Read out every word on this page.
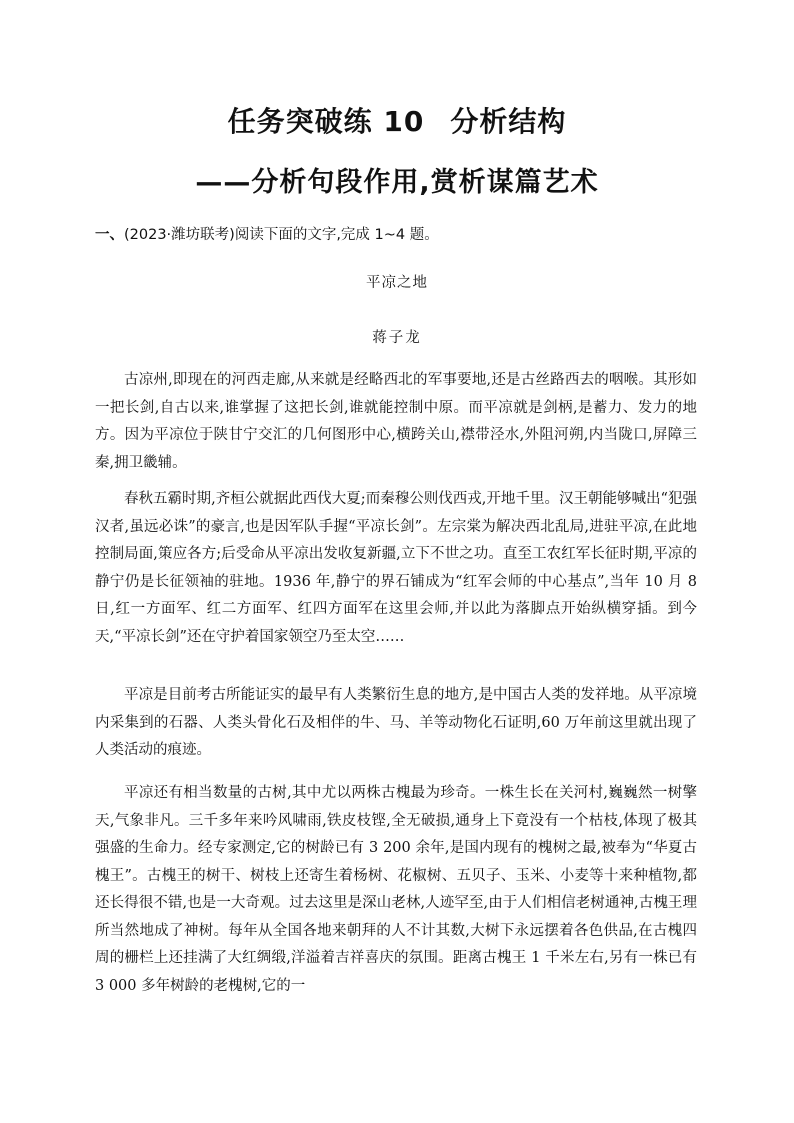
任务突破练 10 分析结构
——分析句段作用,赏析谋篇艺术
一、(2023·潍坊联考)阅读下面的文字,完成 1~4 题。
平凉之地
蒋子龙

古凉州,即现在的河西走廊,从来就是经略西北的军事要地,还是古丝路西去的咽喉。其形如一把长剑,自古以来,谁掌握了这把长剑,谁就能控制中原。而平凉就是剑柄,是蓄力、发力的地方。因为平凉位于陕甘宁交汇的几何图形中心,横跨关山,襟带泾水,外阻河朔,内当陇口,屏障三秦,拥卫畿辅。

春秋五霸时期,齐桓公就据此西伐大夏;而秦穆公则伐西戎,开地千里。汉王朝能够喊出“犯强汉者,虽远必诛”的豪言,也是因军队手握“平凉长剑”。左宗棠为解决西北乱局,进驻平凉,在此地控制局面,策应各方;后受命从平凉出发收复新疆,立下不世之功。直至工农红军长征时期,平凉的静宁仍是长征领袖的驻地。1936 年,静宁的界石铺成为“红军会师的中心基点”,当年 10 月 8 日,红一方面军、红二方面军、红四方面军在这里会师,并以此为落脚点开始纵横穿插。到今天,“平凉长剑”还在守护着国家领空乃至太空……

平凉是目前考古所能证实的最早有人类繁衍生息的地方,是中国古人类的发祥地。从平凉境内采集到的石器、人类头骨化石及相伴的牛、马、羊等动物化石证明,60 万年前这里就出现了人类活动的痕迹。

平凉还有相当数量的古树,其中尤以两株古槐最为珍奇。一株生长在关河村,巍巍然一树擎天,气象非凡。三千多年来吟风啸雨,铁皮枝铿,全无破损,通身上下竟没有一个枯枝,体现了极其强盛的生命力。经专家测定,它的树龄已有 3 200 余年,是国内现有的槐树之最,被奉为“华夏古槐王”。古槐王的树干、树枝上还寄生着杨树、花椒树、五贝子、玉米、小麦等十来种植物,都还长得很不错,也是一大奇观。过去这里是深山老林,人迹罕至,由于人们相信老树通神,古槐王理所当然地成了神树。每年从全国各地来朝拜的人不计其数,大树下永远摆着各色供品,在古槐四周的栅栏上还挂满了大红绸缎,洋溢着吉祥喜庆的氛围。距离古槐王 1 千米左右,另有一株已有 3 000 多年树龄的老槐树,它的一
